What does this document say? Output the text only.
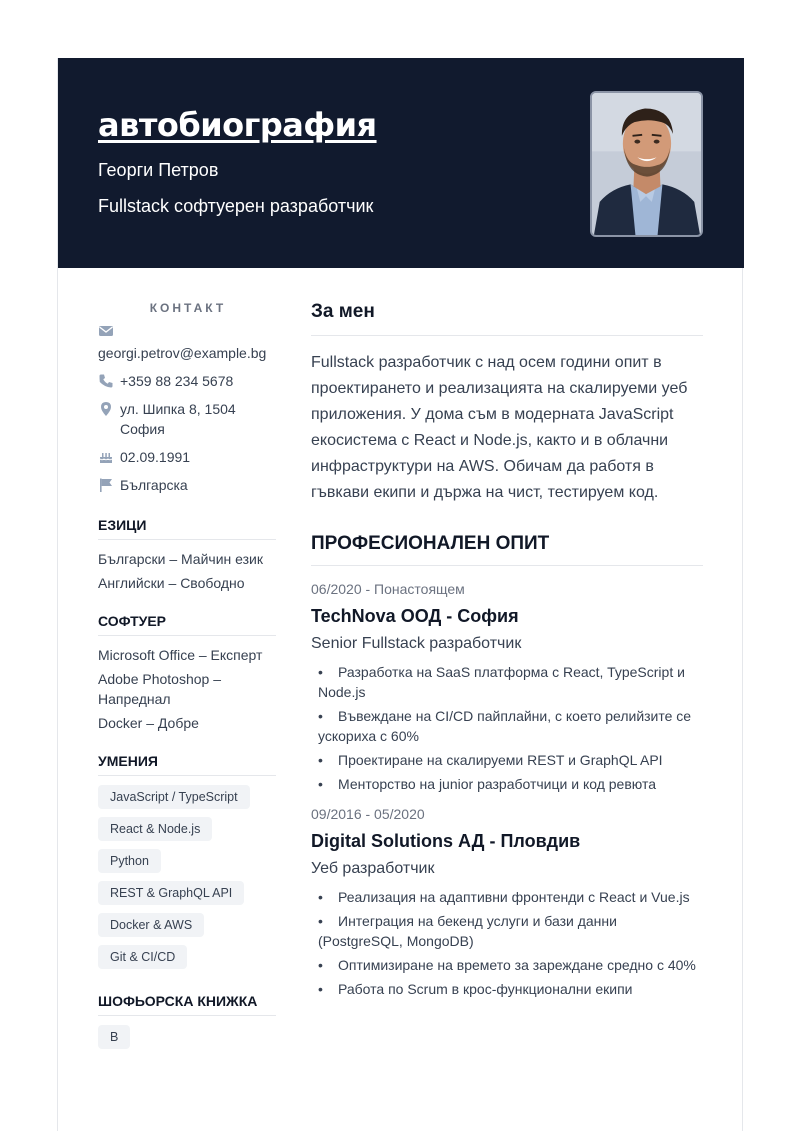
автобиография
Георги Петров
Fullstack софтуерен разработчик
КОНТАКТ
georgi.petrov@example.bg
+359 88 234 5678
ул. Шипка 8, 1504 София
02.09.1991
Българска
ЕЗИЦИ
Български – Майчин език
Английски – Свободно
СОФТУЕР
Microsoft Office – Експерт
Adobe Photoshop – Напреднал
Docker – Добре
УМЕНИЯ
JavaScript / TypeScript
React & Node.js
Python
REST & GraphQL API
Docker & AWS
Git & CI/CD
ШОФЬОРСКА КНИЖКА
B
За мен

Fullstack разработчик с над осем години опит в проектирането и реализацията на скалируеми уеб приложения. У дома съм в модерната JavaScript екосистема с React и Node.js, както и в облачни инфраструктури на AWS. Обичам да работя в гъвкави екипи и държа на чист, тестируем код.

ПРОФЕСИОНАЛЕН ОПИТ
06/2020 - Понастоящем
TechNova ООД - София
Senior Fullstack разработчик
• Разработка на SaaS платформа с React, TypeScript и Node.js
• Въвеждане на CI/CD пайплайни, с което релийзите се ускориха с 60%
• Проектиране на скалируеми REST и GraphQL API
• Менторство на junior разработчици и код ревюта
09/2016 - 05/2020
Digital Solutions АД - Пловдив
Уеб разработчик
• Реализация на адаптивни фронтенди с React и Vue.js
• Интеграция на бекенд услуги и бази данни (PostgreSQL, MongoDB)
• Оптимизиране на времето за зареждане средно с 40%
• Работа по Scrum в крос-функционални екипи
